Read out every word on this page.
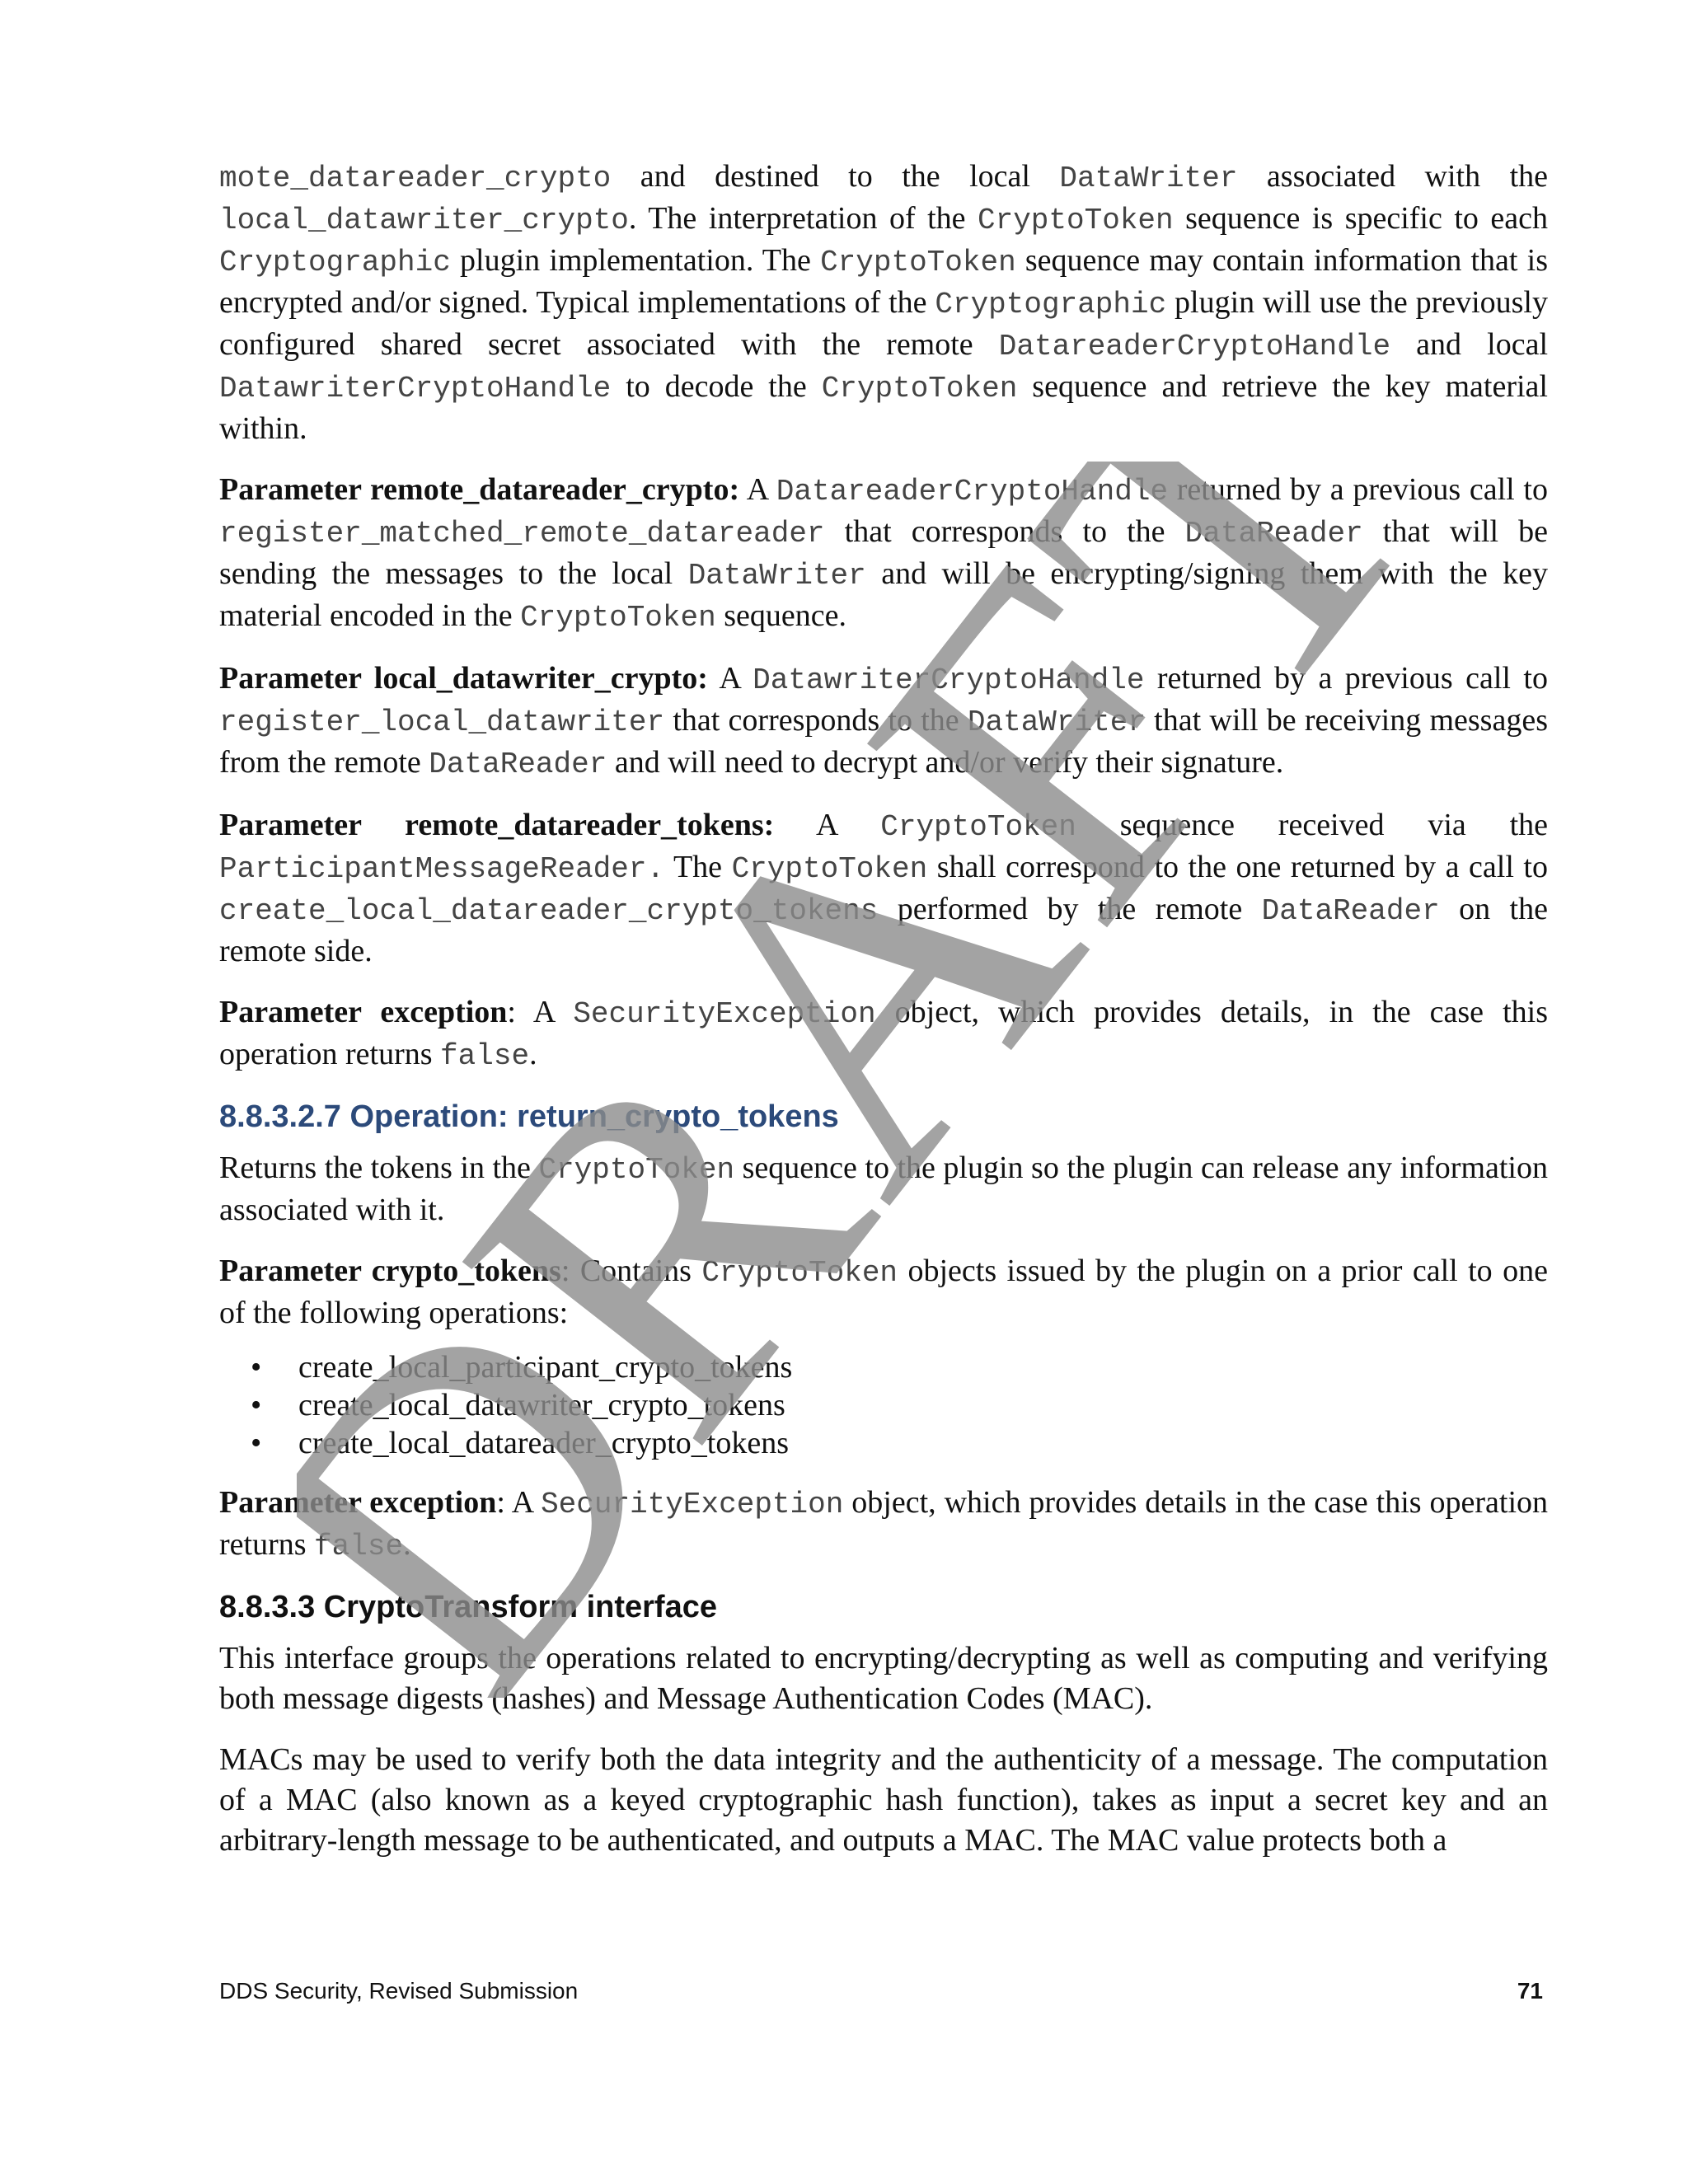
mote_datareader_crypto and destined to the local DataWriter associated with the local_datawriter_crypto. The interpretation of the CryptoToken sequence is specific to each Cryptographic plugin implementation. The CryptoToken sequence may contain information that is encrypted and/or signed. Typical implementations of the Cryptographic plugin will use the previously configured shared secret associated with the remote DatareaderCryptoHandle and local DatawriterCryptoHandle to decode the CryptoToken sequence and retrieve the key material within.

Parameter remote_datareader_crypto: A DatareaderCryptoHandle returned by a previous call to register_matched_remote_datareader that corresponds to the DataReader that will be sending the messages to the local DataWriter and will be encrypting/signing them with the key material encoded in the CryptoToken sequence.

Parameter local_datawriter_crypto: A DatawriterCryptoHandle returned by a previous call to register_local_datawriter that corresponds to the DataWriter that will be receiving messages from the remote DataReader and will need to decrypt and/or verify their signature.

Parameter remote_datareader_tokens: A CryptoToken sequence received via the ParticipantMessageReader. The CryptoToken shall correspond to the one returned by a call to create_local_datareader_crypto_tokens performed by the remote DataReader on the remote side.

Parameter exception: A SecurityException object, which provides details, in the case this operation returns false.

8.8.3.2.7 Operation: return_crypto_tokens

Returns the tokens in the CryptoToken sequence to the plugin so the plugin can release any information associated with it.

Parameter crypto_tokens: Contains CryptoToken objects issued by the plugin on a prior call to one of the following operations:

• create_local_participant_crypto_tokens
• create_local_datawriter_crypto_tokens
• create_local_datareader_crypto_tokens

Parameter exception: A SecurityException object, which provides details in the case this operation returns false.

8.8.3.3 CryptoTransform interface

This interface groups the operations related to encrypting/decrypting as well as computing and verifying both message digests (hashes) and Message Authentication Codes (MAC).

MACs may be used to verify both the data integrity and the authenticity of a message. The computation of a MAC (also known as a keyed cryptographic hash function), takes as input a secret key and an arbitrary-length message to be authenticated, and outputs a MAC. The MAC value protects both a

DRAFT
DDS Security, Revised Submission	71
